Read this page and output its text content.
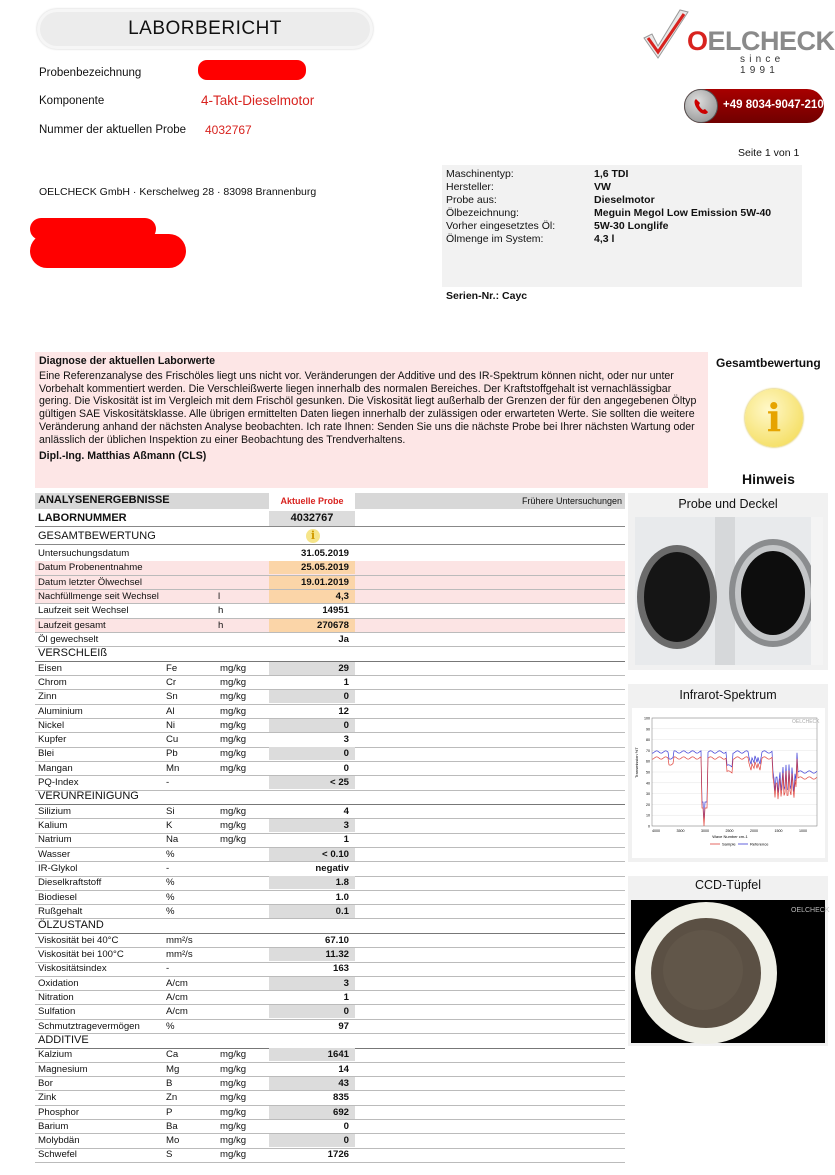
LABORBERICHT
Probenbezeichnung
Komponente	4-Takt-Dieselmotor
Nummer der aktuellen Probe 4032767
OELCHECK
since 1991
+49 8034-9047-210
Seite 1 von 1
OELCHECK GmbH · Kerschelweg 28 · 83098 Brannenburg
Maschinentyp:	1,6 TDI
Hersteller:	VW
Probe aus:	Dieselmotor
Ölbezeichnung:	Meguin Megol Low Emission 5W-40
Vorher eingesetztes Öl:	5W-30 Longlife
Ölmenge im System:	4,3 l
Serien-Nr.: Cayc
Diagnose der aktuellen Laborwerte
Eine Referenzanalyse des Frischöles liegt uns nicht vor. Veränderungen der Additive und des IR-Spektrum können nicht, oder nur unter Vorbehalt kommentiert werden. Die Verschleißwerte liegen innerhalb des normalen Bereiches. Der Kraftstoffgehalt ist vernachlässigbar gering. Die Viskosität ist im Vergleich mit dem Frischöl gesunken. Die Viskosität liegt außerhalb der Grenzen der für den angegebenen Öltyp gültigen SAE Viskositätsklasse. Alle übrigen ermittelten Daten liegen innerhalb der zulässigen oder erwarteten Werte. Sie sollten die weitere Veränderung anhand der nächsten Analyse beobachten. Ich rate Ihnen: Senden Sie uns die nächste Probe bei Ihrer nächsten Wartung oder anlässlich der üblichen Inspektion zu einer Beobachtung des Trendverhaltens.
Dipl.-Ing. Matthias Aßmann (CLS)
Gesamtbewertung
i
Hinweis
ANALYSENERGEBNISSE	Aktuelle Probe	Frühere Untersuchungen
LABORNUMMER	4032767
GESAMTBEWERTUNG	i
Untersuchungsdatum	31.05.2019
Datum Probenentnahme	25.05.2019
Datum letzter Ölwechsel	19.01.2019
Nachfüllmenge seit Wechsel	l	4,3
Laufzeit seit Wechsel	h	14951
Laufzeit gesamt	h	270678
Öl gewechselt	Ja
VERSCHLEIß
Eisen	Fe	mg/kg	29
Chrom	Cr	mg/kg	1
Zinn	Sn	mg/kg	0
Aluminium	Al	mg/kg	12
Nickel	Ni	mg/kg	0
Kupfer	Cu	mg/kg	3
Blei	Pb	mg/kg	0
Mangan	Mn	mg/kg	0
PQ-Index	-	< 25
VERUNREINIGUNG
Silizium	Si	mg/kg	4
Kalium	K	mg/kg	3
Natrium	Na	mg/kg	1
Wasser	%	< 0.10
IR-Glykol	-	negativ
Dieselkraftstoff	%	1.8
Biodiesel	%	1.0
Rußgehalt	%	0.1
ÖLZUSTAND
Viskosität bei 40°C	mm²/s	67.10
Viskosität bei 100°C	mm²/s	11.32
Viskositätsindex	-	163
Oxidation	A/cm	3
Nitration	A/cm	1
Sulfation	A/cm	0
Schmutztragevermögen	%	97
ADDITIVE
Kalzium	Ca	mg/kg	1641
Magnesium	Mg	mg/kg	14
Bor	B	mg/kg	43
Zink	Zn	mg/kg	835
Phosphor	P	mg/kg	692
Barium	Ba	mg/kg	0
Molybdän	Mo	mg/kg	0
Schwefel	S	mg/kg	1726
Probe und Deckel
Infrarot-Spektrum
100
90
80
70
60
50
40
30
20
10
0
4000	3500	3000	2500	2000	1500	1000
Transmission %T
Wave Number cm-1
OELCHECK
Sample	Reference
CCD-Tüpfel
OELCHECK
